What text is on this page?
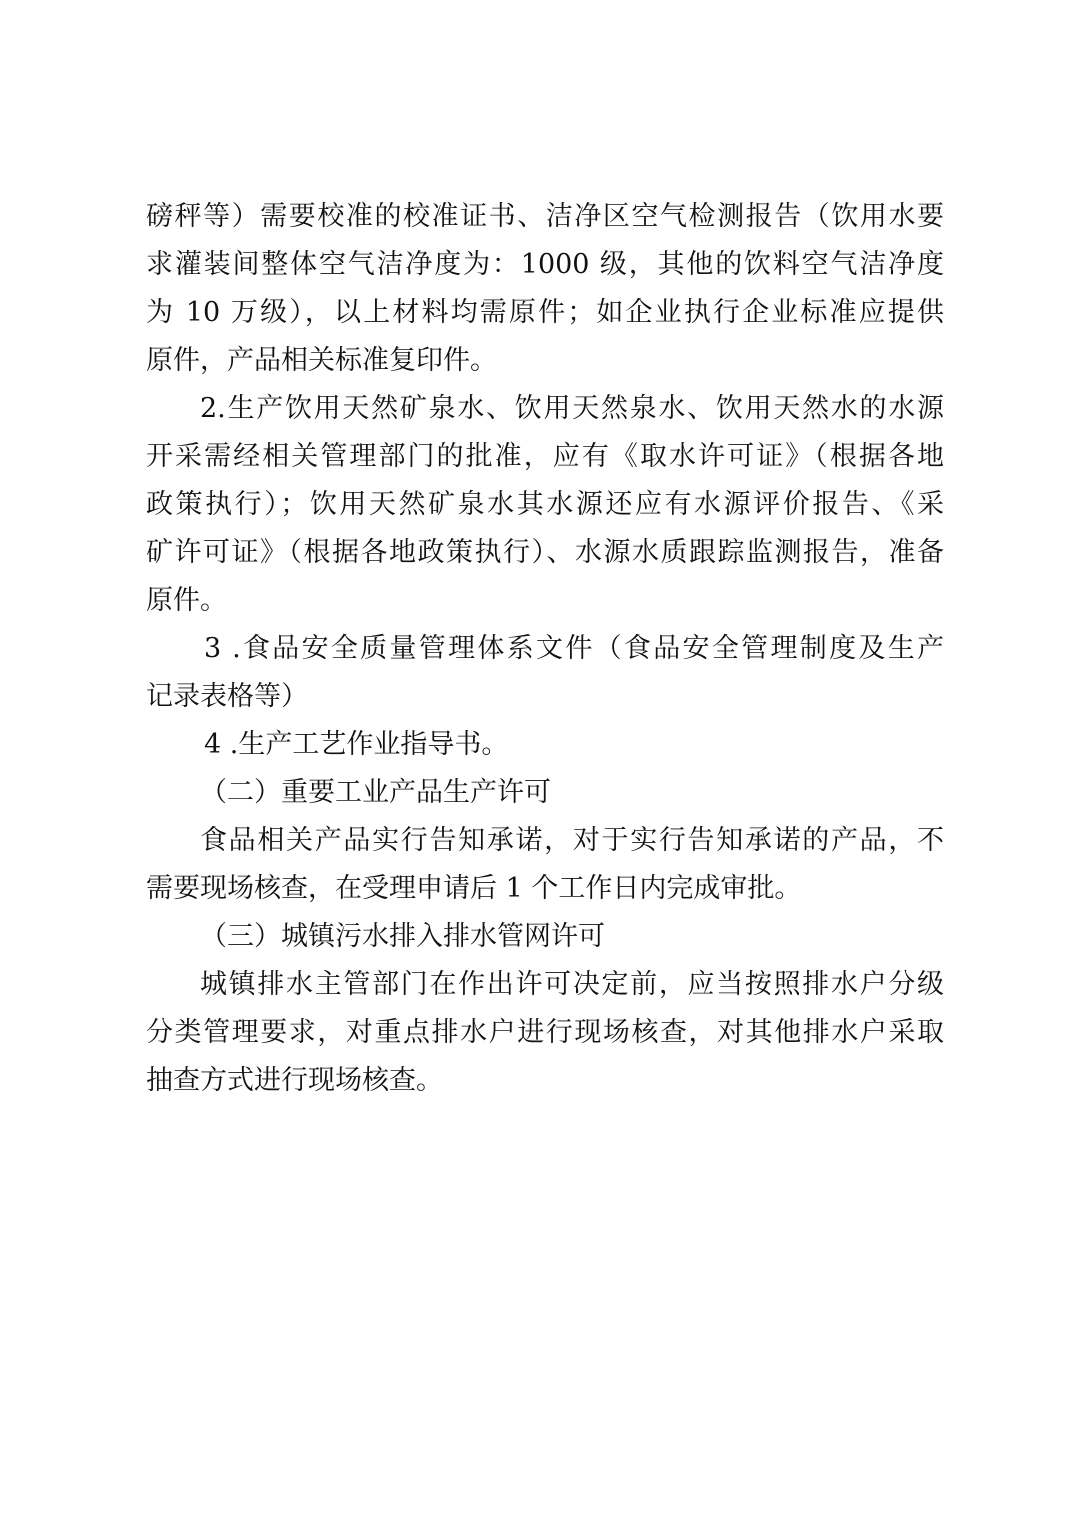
磅秤等）需要校准的校准证书、洁净区空气检测报告（饮用水要
求灌装间整体空气洁净度为：1000 级，其他的饮料空气洁净度
为 10 万级），以上材料均需原件；如企业执行企业标准应提供
原件，产品相关标准复印件。
2.生产饮用天然矿泉水、饮用天然泉水、饮用天然水的水源
开采需经相关管理部门的批准，应有《取水许可证》（根据各地
政策执行）；饮用天然矿泉水其水源还应有水源评价报告、《采
矿许可证》（根据各地政策执行）、水源水质跟踪监测报告，准备
原件。
3 .食品安全质量管理体系文件（食品安全管理制度及生产
记录表格等）
4 .生产工艺作业指导书。
（二）重要工业产品生产许可
食品相关产品实行告知承诺，对于实行告知承诺的产品，不
需要现场核查，在受理申请后 1 个工作日内完成审批。
（三）城镇污水排入排水管网许可
城镇排水主管部门在作出许可决定前，应当按照排水户分级
分类管理要求，对重点排水户进行现场核查，对其他排水户采取
抽查方式进行现场核查。
